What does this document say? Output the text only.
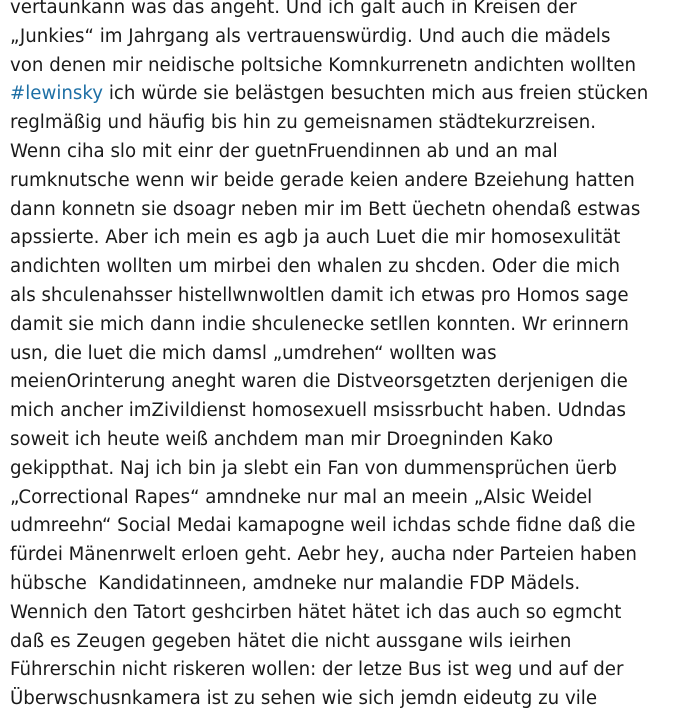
vertaunkann was das angeht. Und ich galt auch in Kreisen der
„Junkies“ im Jahrgang als vertrauenswürdig. Und auch die mädels
von denen mir neidische poltsiche Komnkurrenetn andichten wollten
#lewinsky ich würde sie belästgen besuchten mich aus freien stücken
reglmäßig und häufig bis hin zu gemeisnamen städtekurzreisen.
Wenn ciha slo mit einr der guetnFruendinnen ab und an mal
rumknutsche wenn wir beide gerade keien andere Bzeiehung hatten
dann konnetn sie dsoagr neben mir im Bett üechetn ohendaß estwas
apssierte. Aber ich mein es agb ja auch Luet die mir homosexulität
andichten wollten um mirbei den whalen zu shcden. Oder die mich
als shculenahsser histellwnwoltlen damit ich etwas pro Homos sage
damit sie mich dann indie shculenecke setllen konnten. Wr erinnern
usn, die luet die mich damsl „umdrehen“ wollten was
meienOrinterung aneght waren die Distveorsgetzten derjenigen die
mich ancher imZivildienst homosexuell msissrbucht haben. Udndas
soweit ich heute weiß anchdem man mir Droegninden Kako
gekippthat. Naj ich bin ja slebt ein Fan von dummensprüchen üerb
„Correctional Rapes“ amndneke nur mal an meein „Alsic Weidel
udmreehn“ Social Medai kamapogne weil ichdas schde fidne daß die
fürdei Mänenrwelt erloen geht. Aebr hey, aucha nder Parteien haben
hübsche  Kandidatinneen, amdneke nur malandie FDP Mädels.
Wennich den Tatort geshcirben hätet hätet ich das auch so egmcht
daß es Zeugen gegeben hätet die nicht aussgane wils ieirhen
Führerschin nicht riskeren wollen: der letze Bus ist weg und auf der
Überwschusnkamera ist zu sehen wie sich jemdn eideutg zu vile
